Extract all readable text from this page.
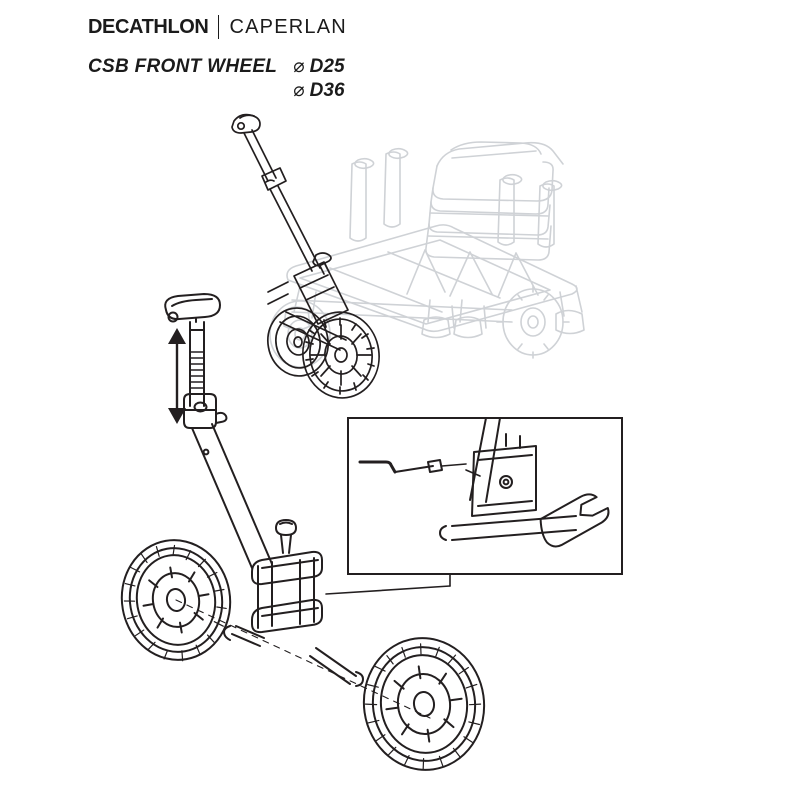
DECATHLON CAPERLAN
CSB FRONT WHEEL ⌀ D25
⌀ D36
